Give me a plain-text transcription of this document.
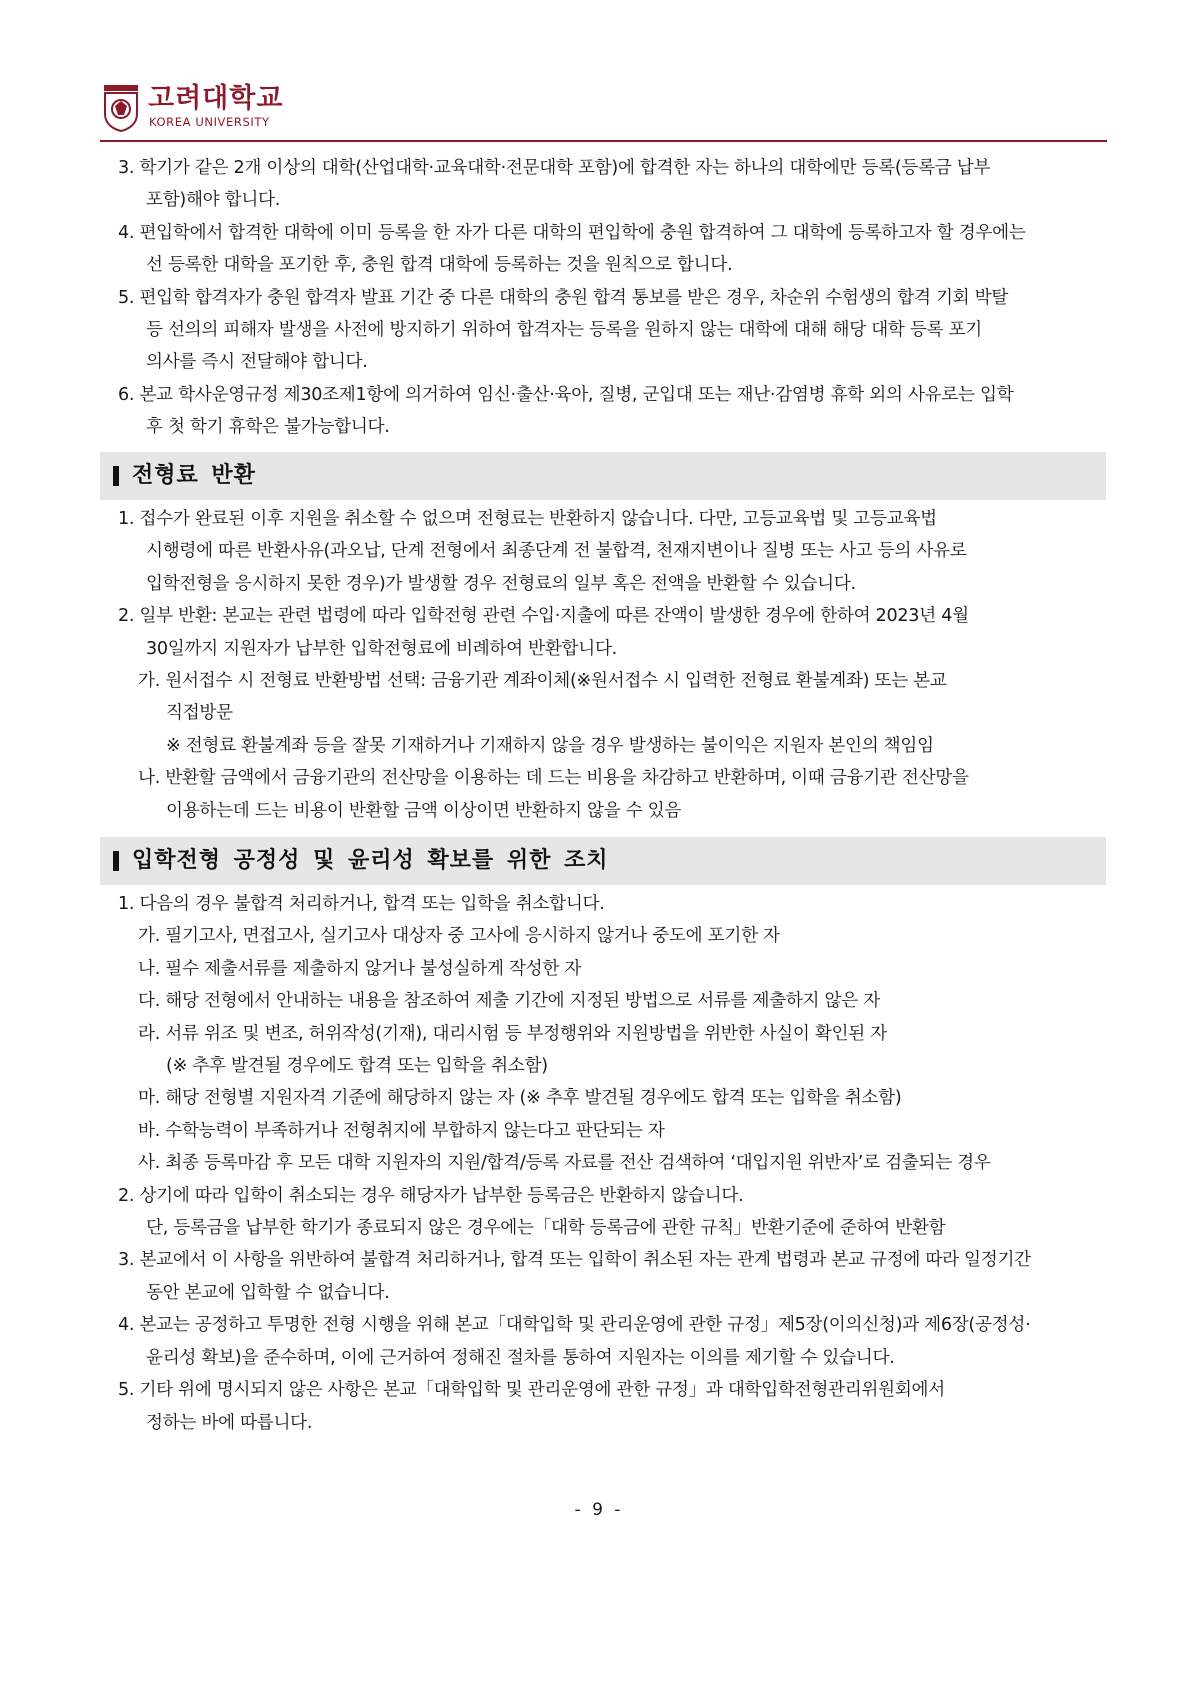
고려대학교
KOREA UNIVERSITY
3. 학기가 같은 2개 이상의 대학(산업대학·교육대학·전문대학 포함)에 합격한 자는 하나의 대학에만 등록(등록금 납부
포함)해야 합니다.
4. 편입학에서 합격한 대학에 이미 등록을 한 자가 다른 대학의 편입학에 충원 합격하여 그 대학에 등록하고자 할 경우에는
선 등록한 대학을 포기한 후, 충원 합격 대학에 등록하는 것을 원칙으로 합니다.
5. 편입학 합격자가 충원 합격자 발표 기간 중 다른 대학의 충원 합격 통보를 받은 경우, 차순위 수험생의 합격 기회 박탈
등 선의의 피해자 발생을 사전에 방지하기 위하여 합격자는 등록을 원하지 않는 대학에 대해 해당 대학 등록 포기
의사를 즉시 전달해야 합니다.
6. 본교 학사운영규정 제30조제1항에 의거하여 임신·출산·육아, 질병, 군입대 또는 재난·감염병 휴학 외의 사유로는 입학
후 첫 학기 휴학은 불가능합니다.
전형료 반환
1. 접수가 완료된 이후 지원을 취소할 수 없으며 전형료는 반환하지 않습니다. 다만, 고등교육법 및 고등교육법
시행령에 따른 반환사유(과오납, 단계 전형에서 최종단계 전 불합격, 천재지변이나 질병 또는 사고 등의 사유로
입학전형을 응시하지 못한 경우)가 발생할 경우 전형료의 일부 혹은 전액을 반환할 수 있습니다.
2. 일부 반환: 본교는 관련 법령에 따라 입학전형 관련 수입·지출에 따른 잔액이 발생한 경우에 한하여 2023년 4월
30일까지 지원자가 납부한 입학전형료에 비례하여 반환합니다.
가. 원서접수 시 전형료 반환방법 선택: 금융기관 계좌이체(※원서접수 시 입력한 전형료 환불계좌) 또는 본교
직접방문
※ 전형료 환불계좌 등을 잘못 기재하거나 기재하지 않을 경우 발생하는 불이익은 지원자 본인의 책임임
나. 반환할 금액에서 금융기관의 전산망을 이용하는 데 드는 비용을 차감하고 반환하며, 이때 금융기관 전산망을
이용하는데 드는 비용이 반환할 금액 이상이면 반환하지 않을 수 있음
입학전형 공정성 및 윤리성 확보를 위한 조치
1. 다음의 경우 불합격 처리하거나, 합격 또는 입학을 취소합니다.
가. 필기고사, 면접고사, 실기고사 대상자 중 고사에 응시하지 않거나 중도에 포기한 자
나. 필수 제출서류를 제출하지 않거나 불성실하게 작성한 자
다. 해당 전형에서 안내하는 내용을 참조하여 제출 기간에 지정된 방법으로 서류를 제출하지 않은 자
라. 서류 위조 및 변조, 허위작성(기재), 대리시험 등 부정행위와 지원방법을 위반한 사실이 확인된 자
(※ 추후 발견될 경우에도 합격 또는 입학을 취소함)
마. 해당 전형별 지원자격 기준에 해당하지 않는 자 (※ 추후 발견될 경우에도 합격 또는 입학을 취소함)
바. 수학능력이 부족하거나 전형취지에 부합하지 않는다고 판단되는 자
사. 최종 등록마감 후 모든 대학 지원자의 지원/합격/등록 자료를 전산 검색하여 ‘대입지원 위반자’로 검출되는 경우
2. 상기에 따라 입학이 취소되는 경우 해당자가 납부한 등록금은 반환하지 않습니다.
단, 등록금을 납부한 학기가 종료되지 않은 경우에는「대학 등록금에 관한 규칙」반환기준에 준하여 반환함
3. 본교에서 이 사항을 위반하여 불합격 처리하거나, 합격 또는 입학이 취소된 자는 관계 법령과 본교 규정에 따라 일정기간
동안 본교에 입학할 수 없습니다.
4. 본교는 공정하고 투명한 전형 시행을 위해 본교「대학입학 및 관리운영에 관한 규정」제5장(이의신청)과 제6장(공정성·
윤리성 확보)을 준수하며, 이에 근거하여 정해진 절차를 통하여 지원자는 이의를 제기할 수 있습니다.
5. 기타 위에 명시되지 않은 사항은 본교「대학입학 및 관리운영에 관한 규정」과 대학입학전형관리위원회에서
정하는 바에 따릅니다.
- 9 -
